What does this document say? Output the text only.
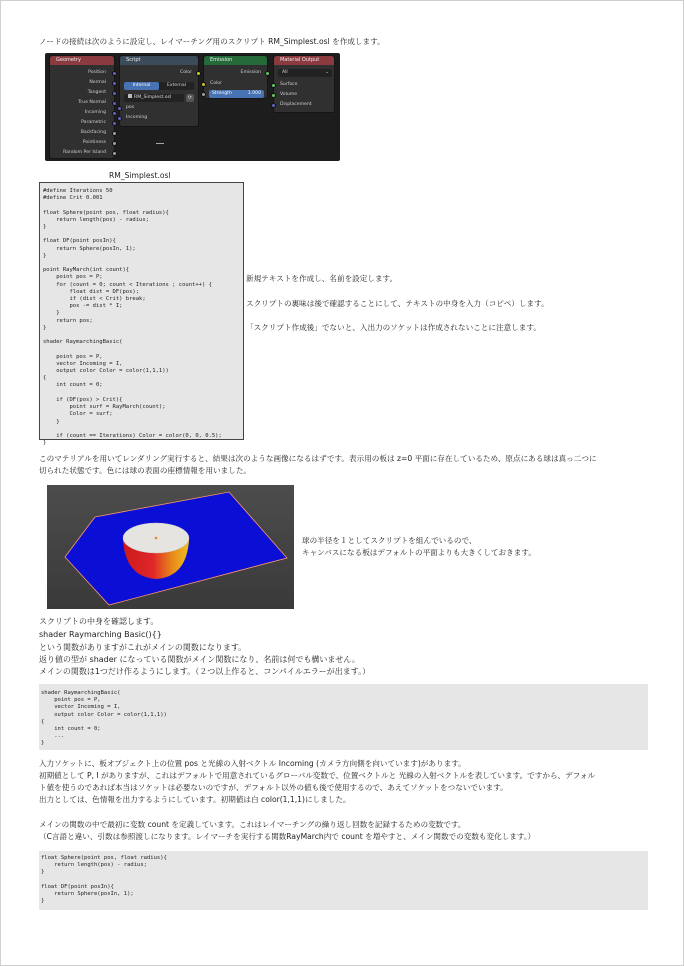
ノードの接続は次のように設定し、レイマーチング用のスクリプト RM_Simplest.osl を作成します。
Geometry
Position
Normal
Tangent
True Normal
Incoming
Parametric
Backfacing
Pointiness
Random Per Island
Script
Color
Internal	External
RM_Simplest.osl	⟳
pos
Incoming
Emission
Emission
Color
Strength	1.000
Material Output
All	⌄
Surface
Volume
Displacement
RM_Simplest.osl
#define Iterations 50
#define Crit 0.001

float Sphere(point pos, float radius){
return length(pos) - radius;
}

float DF(point posIn){
return Sphere(posIn, 1);
}

point RayMarch(int count){
point pos = P;
for (count = 0; count < Iterations ; count++) {
float dist = DF(pos);
if (dist < Crit) break;
pos -= dist * I;
}
return pos;
}

shader RaymarchingBasic(

point pos = P,
vector Incoming = I,
output color Color = color(1,1,1))
{
int count = 0;

if (DF(pos) > Crit){
point surf = RayMarch(count);
Color = surf;
}

if (count == Iterations) Color = color(0, 0, 0.5);
}
新規テキストを作成し、名前を設定します。
スクリプトの裏味は後で確認することにして、テキストの中身を入力（コピペ）します。
「スクリプト作成後」でないと、入出力のソケットは作成されないことに注意します。
このマテリアルを用いてレンダリング実行すると、結果は次のような画像になるはずです。表示用の板は z=0 平面に存在しているため、原点にある球は真っ二つに
切られた状態です。色には球の表面の座標情報を用いました。
球の半径を１としてスクリプトを組んでいるので、
キャンバスになる板はデフォルトの平面よりも大きくしておきます。
スクリプトの中身を確認します。
shader Raymarching Basic(){}
という関数がありますがこれがメインの関数になります。
返り値の型が shader になっている関数がメイン関数になり、名前は何でも構いません。
メインの関数は1つだけ作るようにします。（２つ以上作ると、コンパイルエラーが出ます。）
shader RaymarchingBasic(
point pos = P,
vector Incoming = I,
output color Color = color(1,1,1))
{
int count = 0;
...
}
入力ソケットに、板オブジェクト上の位置 pos と光線の入射ベクトル Incoming (カメラ方向側を向いています)があります。
初期値として P, I がありますが、これはデフォルトで用意されているグローバル変数で、位置ベクトルと 光線の入射ベクトルを表しています。ですから、デフォル
ト値を使うのであれば本当はソケットは必要ないのですが、デフォルト以外の値も後で使用するので、あえてソケットをつないでいます。
出力としては、色情報を出力するようにしています。初期値は白 color(1,1,1)にしました。
メインの関数の中で最初に変数 count を定義しています。これはレイマーチングの繰り返し回数を記録するための変数です。
（C言語と違い、引数は参照渡しになります。レイマーチを実行する関数RayMarch内で count を増やすと、メイン関数での変数も変化します。）
float Sphere(point pos, float radius){
return length(pos) - radius;
}

float DF(point posIn){
return Sphere(posIn, 1);
}
